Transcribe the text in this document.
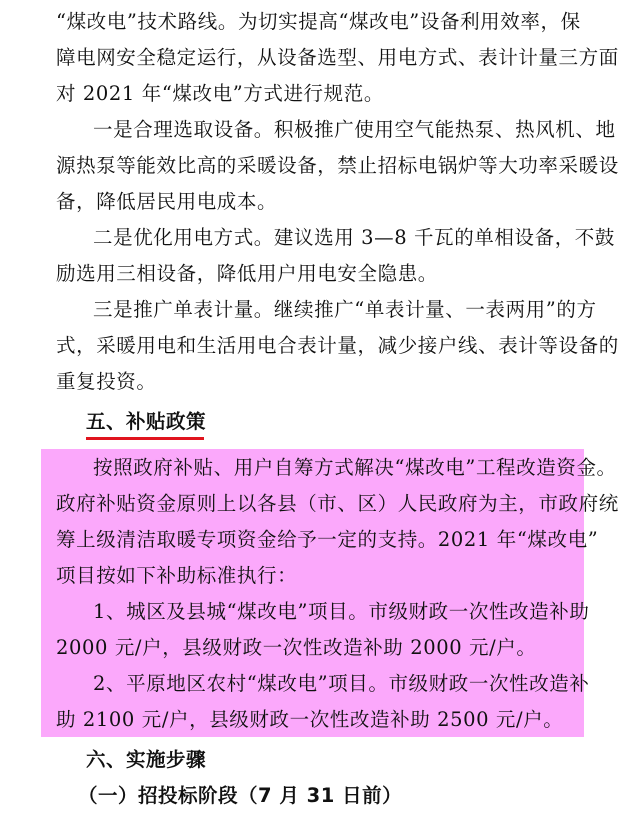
“煤改电”技术路线。为切实提高“煤改电”设备利用效率，保
障电网安全稳定运行，从设备选型、用电方式、表计计量三方面
对 2021 年“煤改电”方式进行规范。
一是合理选取设备。积极推广使用空气能热泵、热风机、地
源热泵等能效比高的采暖设备，禁止招标电锅炉等大功率采暖设
备，降低居民用电成本。
二是优化用电方式。建议选用 3—8 千瓦的单相设备，不鼓
励选用三相设备，降低用户用电安全隐患。
三是推广单表计量。继续推广“单表计量、一表两用”的方
式，采暖用电和生活用电合表计量，减少接户线、表计等设备的
重复投资。
五、补贴政策
按照政府补贴、用户自筹方式解决“煤改电”工程改造资金。
政府补贴资金原则上以各县（市、区）人民政府为主，市政府统
筹上级清洁取暖专项资金给予一定的支持。2021 年“煤改电”
项目按如下补助标准执行：
1、城区及县城“煤改电”项目。市级财政一次性改造补助
2000 元/户，县级财政一次性改造补助 2000 元/户。
2、平原地区农村“煤改电”项目。市级财政一次性改造补
助 2100 元/户，县级财政一次性改造补助 2500 元/户。
六、实施步骤
（一）招投标阶段（7 月 31 日前）
